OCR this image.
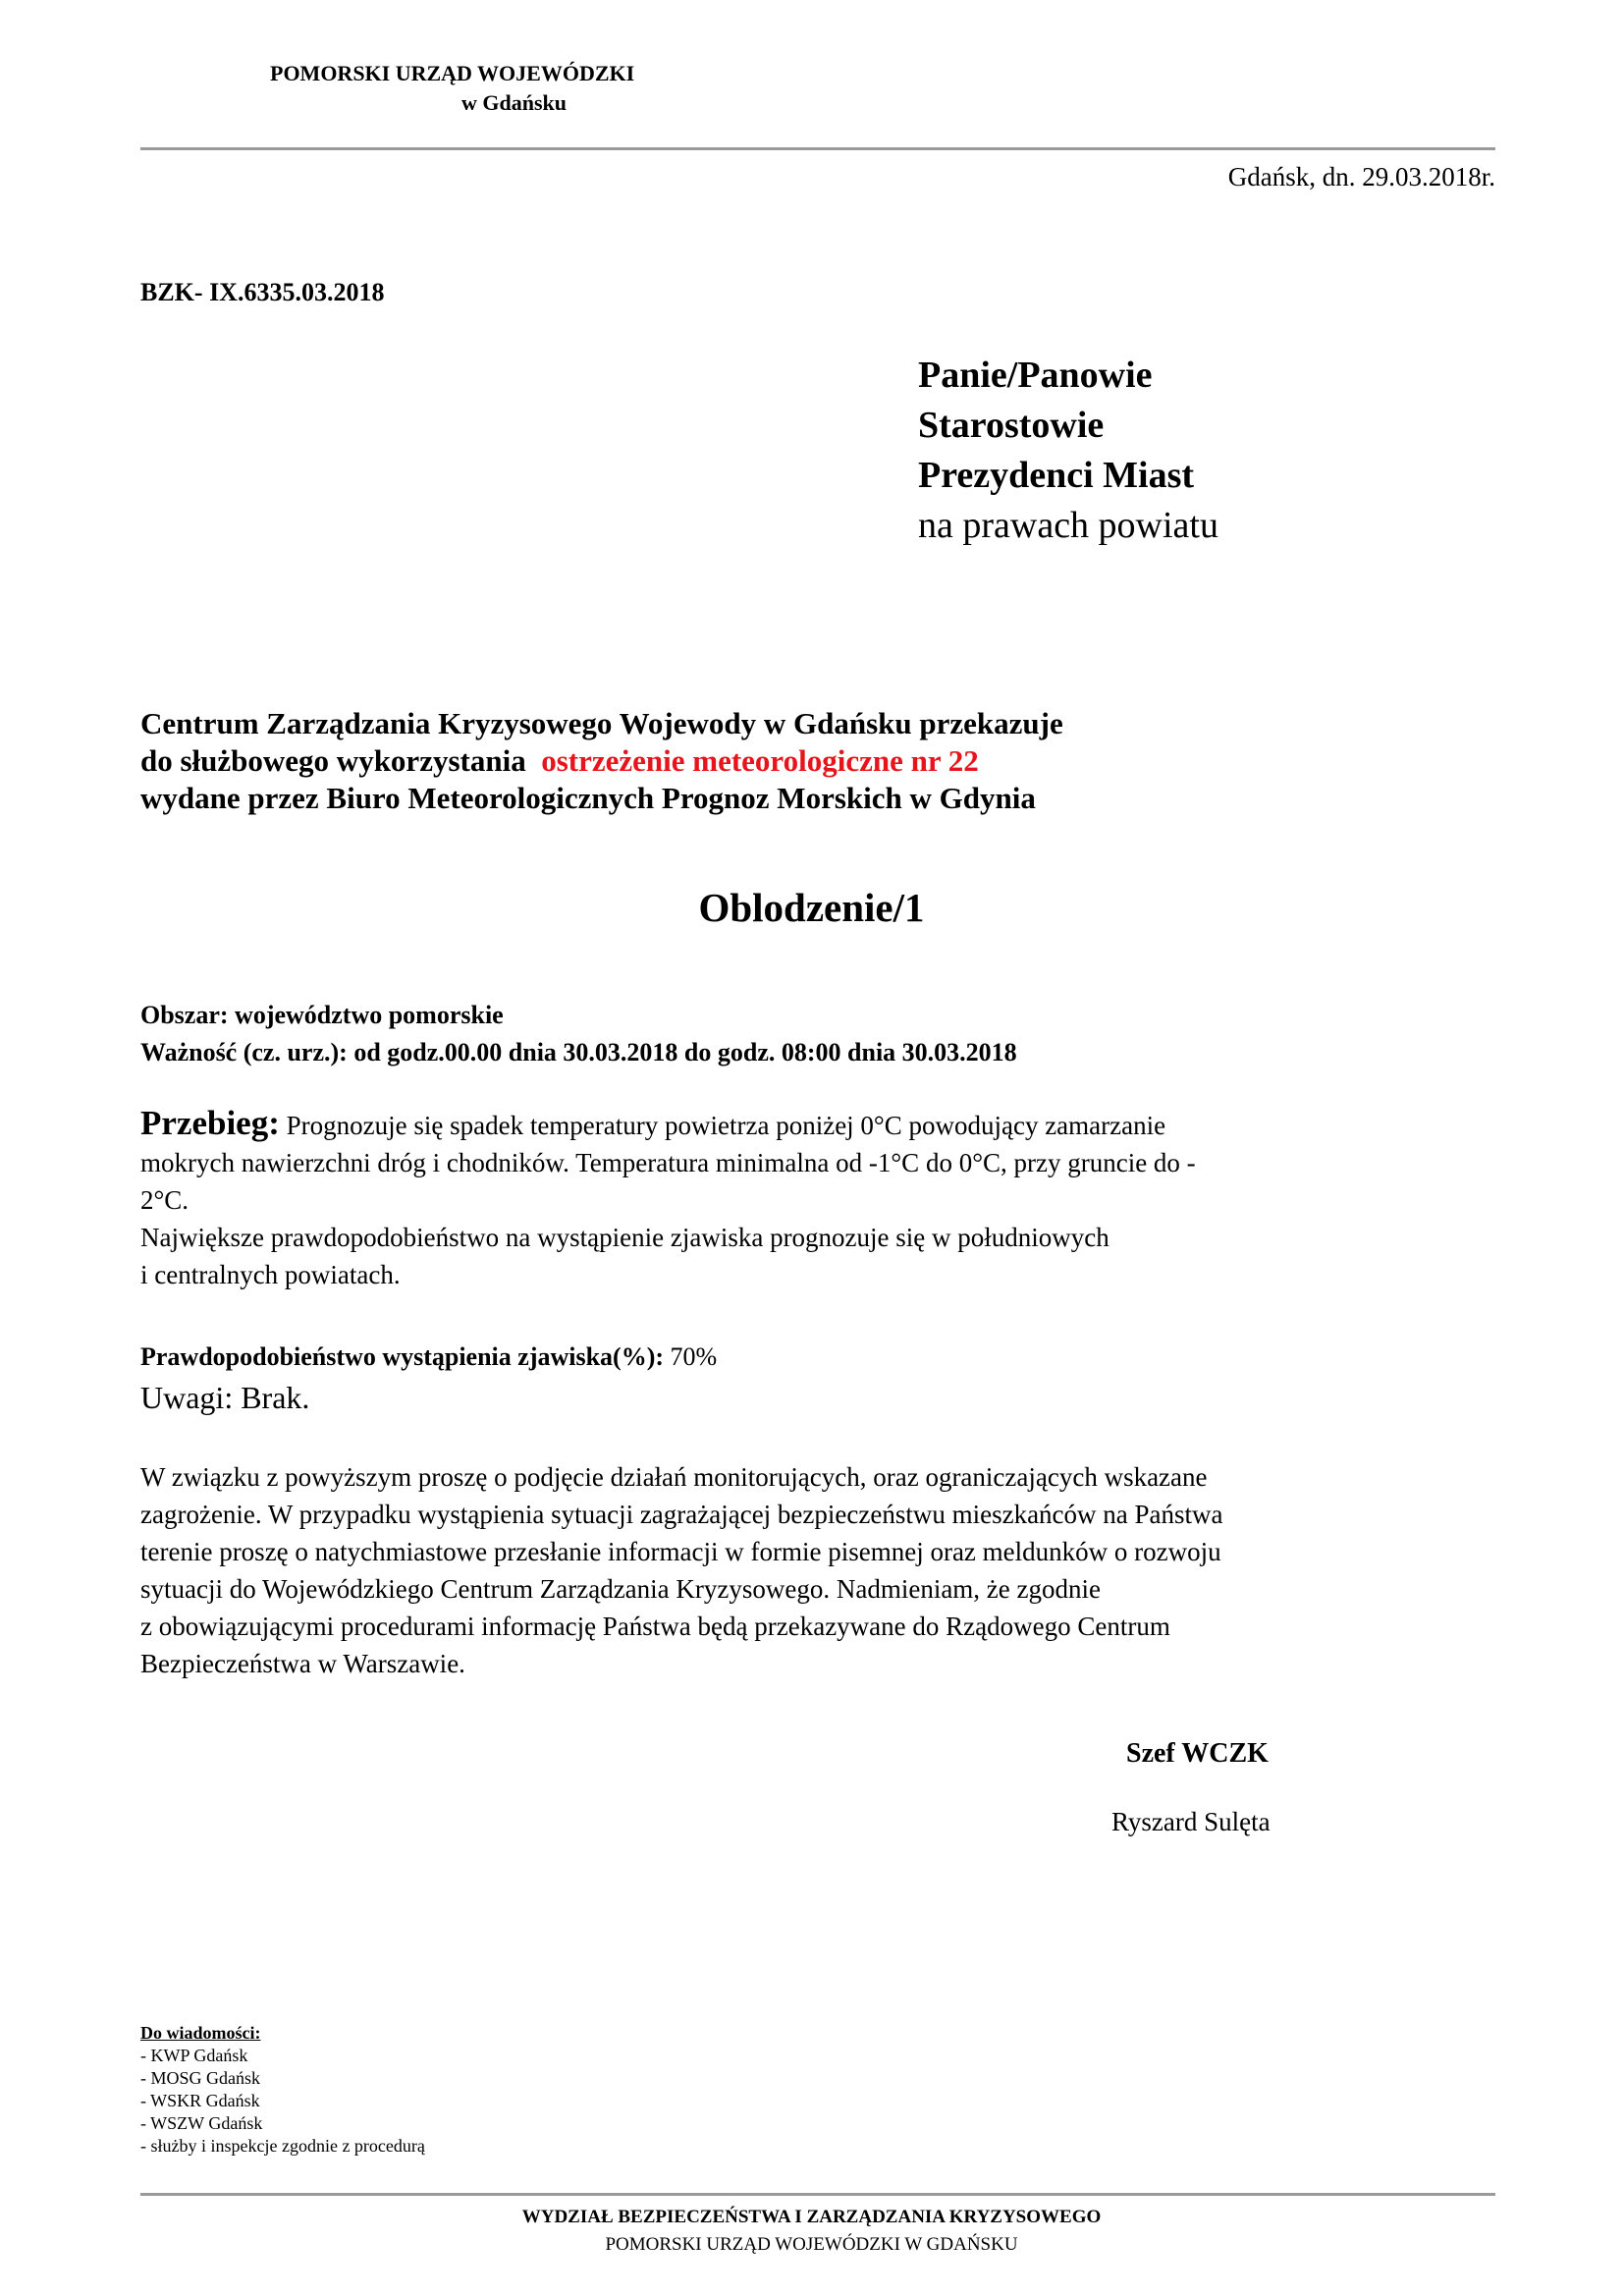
POMORSKI URZĄD WOJEWÓDZKI
w Gdańsku
Gdańsk, dn. 29.03.2018r.
BZK- IX.6335.03.2018
Panie/Panowie
Starostowie
Prezydenci Miast
na prawach powiatu
Centrum Zarządzania Kryzysowego Wojewody w Gdańsku przekazuje
do służbowego wykorzystania ostrzeżenie meteorologiczne nr 22
wydane przez Biuro Meteorologicznych Prognoz Morskich w Gdynia
Oblodzenie/1
Obszar: województwo pomorskie
Ważność (cz. urz.): od godz.00.00 dnia 30.03.2018 do godz. 08:00 dnia 30.03.2018
Przebieg: Prognozuje się spadek temperatury powietrza poniżej 0°C powodujący zamarzanie
mokrych nawierzchni dróg i chodników. Temperatura minimalna od -1°C do 0°C, przy gruncie do -
2°C.
Największe prawdopodobieństwo na wystąpienie zjawiska prognozuje się w południowych
i centralnych powiatach.
Prawdopodobieństwo wystąpienia zjawiska(%): 70%
Uwagi: Brak.
W związku z powyższym proszę o podjęcie działań monitorujących, oraz ograniczających wskazane
zagrożenie. W przypadku wystąpienia sytuacji zagrażającej bezpieczeństwu mieszkańców na Państwa
terenie proszę o natychmiastowe przesłanie informacji w formie pisemnej oraz meldunków o rozwoju
sytuacji do Wojewódzkiego Centrum Zarządzania Kryzysowego. Nadmieniam, że zgodnie
z obowiązującymi procedurami informację Państwa będą przekazywane do Rządowego Centrum
Bezpieczeństwa w Warszawie.
Szef WCZK
Ryszard Sulęta
Do wiadomości:
- KWP Gdańsk
- MOSG Gdańsk
- WSKR Gdańsk
- WSZW Gdańsk
- służby i inspekcje zgodnie z procedurą
WYDZIAŁ BEZPIECZEŃSTWA I ZARZĄDZANIA KRYZYSOWEGO
POMORSKI URZĄD WOJEWÓDZKI W GDAŃSKU
